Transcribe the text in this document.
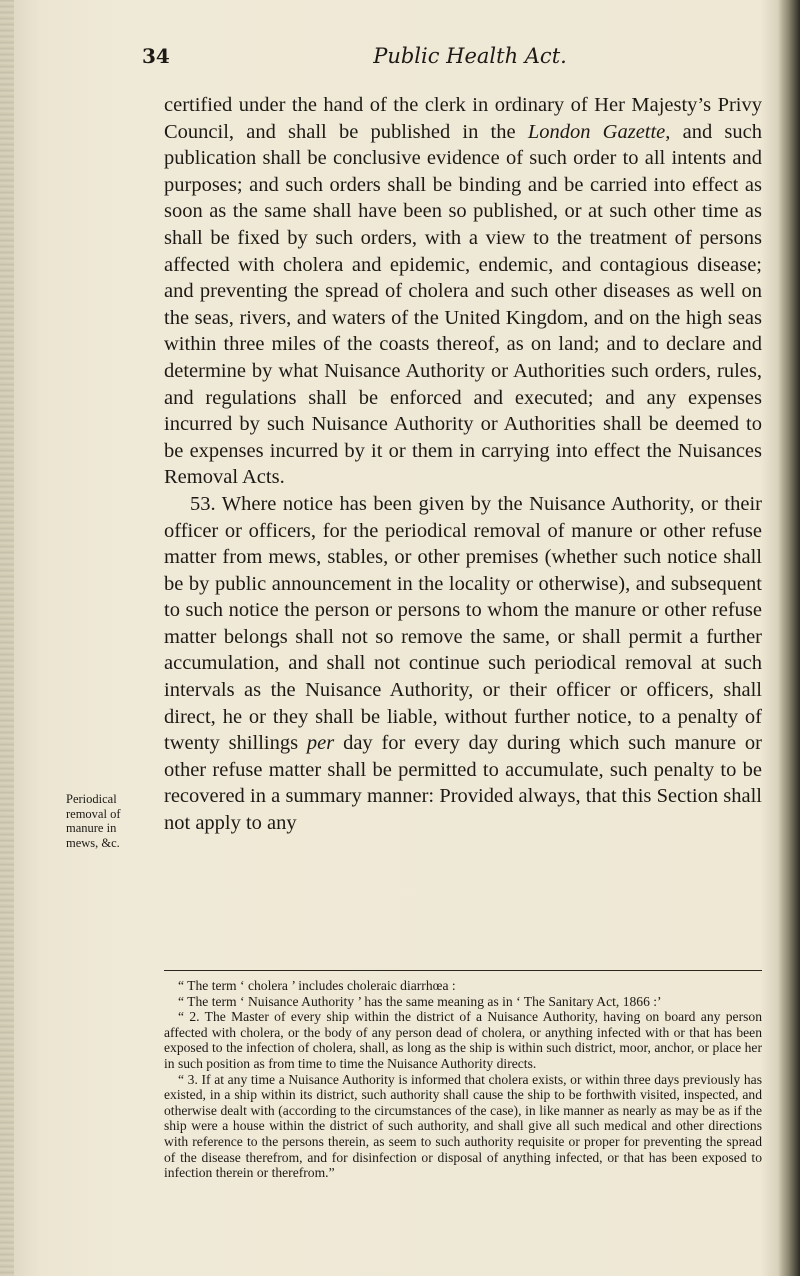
34	Public Health Act.
Periodical
removal of
manure in
mews, &c.

certified under the hand of the clerk in ordinary of Her Majesty’s Privy Council, and shall be published in the London Gazette, and such publication shall be conclusive evidence of such order to all intents and purposes; and such orders shall be binding and be carried into effect as soon as the same shall have been so published, or at such other time as shall be fixed by such orders, with a view to the treatment of persons affected with cholera and epidemic, endemic, and contagious disease; and preventing the spread of cholera and such other diseases as well on the seas, rivers, and waters of the United Kingdom, and on the high seas within three miles of the coasts thereof, as on land; and to declare and determine by what Nuisance Authority or Authorities such orders, rules, and regulations shall be enforced and executed; and any expenses incurred by such Nuisance Authority or Authorities shall be deemed to be expenses incurred by it or them in carrying into effect the Nuisances Removal Acts.

53. Where notice has been given by the Nuisance Authority, or their officer or officers, for the periodical removal of manure or other refuse matter from mews, stables, or other premises (whether such notice shall be by public announcement in the locality or otherwise), and subsequent to such notice the person or persons to whom the manure or other refuse matter belongs shall not so remove the same, or shall permit a further accumulation, and shall not continue such periodical removal at such intervals as the Nuisance Authority, or their officer or officers, shall direct, he or they shall be liable, without further notice, to a penalty of twenty shillings per day for every day during which such manure or other refuse matter shall be permitted to accumulate, such penalty to be recovered in a summary manner: Provided always, that this Section shall not apply to any

“ The term ‘ cholera ’ includes choleraic diarrhœa :

“ The term ‘ Nuisance Authority ’ has the same meaning as in ‘ The Sanitary Act, 1866 :’

“ 2. The Master of every ship within the district of a Nuisance Authority, having on board any person affected with cholera, or the body of any person dead of cholera, or anything infected with or that has been exposed to the infection of cholera, shall, as long as the ship is within such district, moor, anchor, or place her in such position as from time to time the Nuisance Authority directs.

“ 3. If at any time a Nuisance Authority is informed that cholera exists, or within three days previously has existed, in a ship within its district, such authority shall cause the ship to be forthwith visited, inspected, and otherwise dealt with (according to the circumstances of the case), in like manner as nearly as may be as if the ship were a house within the district of such authority, and shall give all such medical and other directions with reference to the persons therein, as seem to such authority requisite or proper for preventing the spread of the disease therefrom, and for disinfection or disposal of anything infected, or that has been exposed to infection therein or therefrom.”
